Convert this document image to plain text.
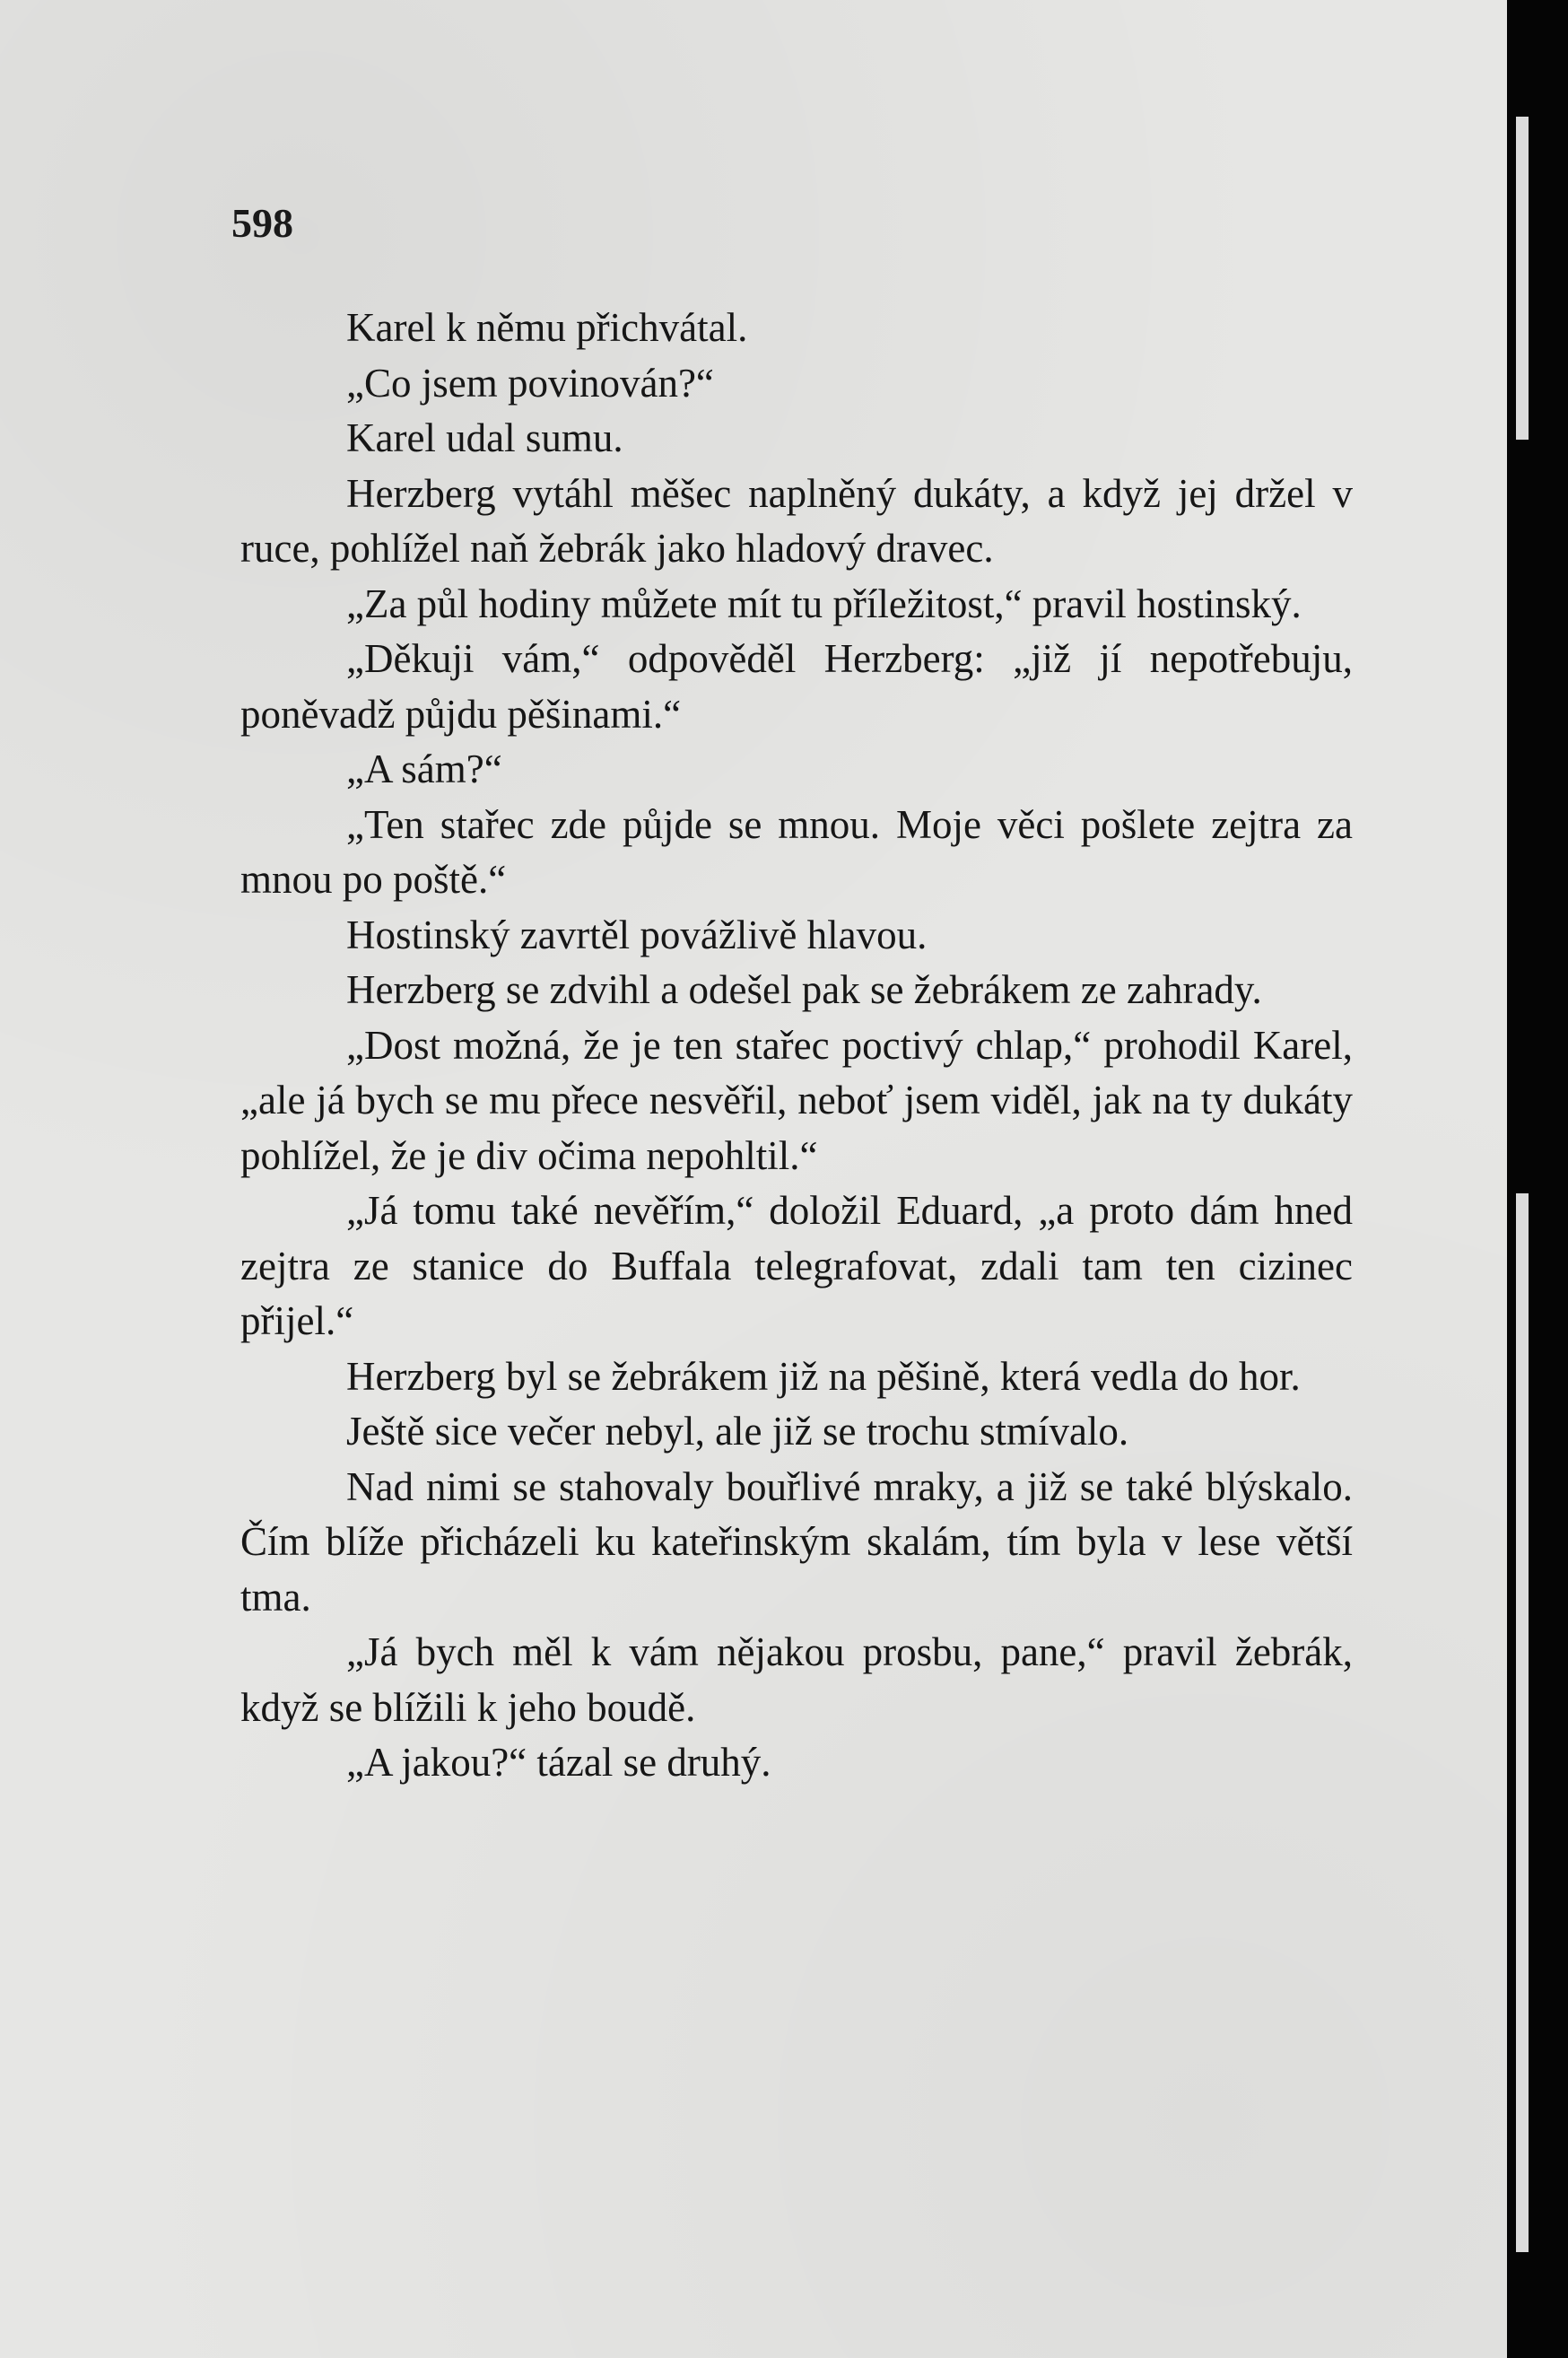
598

Karel k němu přichvátal.

„Co jsem povinován?“

Karel udal sumu.

Herzberg vytáhl měšec naplněný dukáty, a když jej držel v ruce, pohlížel naň žebrák jako hladový dravec.

„Za půl hodiny můžete mít tu příležitost,“ pravil hostinský.

„Děkuji vám,“ odpověděl Herzberg: „již jí nepotřebuju, poněvadž půjdu pěšinami.“

„A sám?“

„Ten stařec zde půjde se mnou. Moje věci pošlete zejtra za mnou po poště.“

Hostinský zavrtěl povážlivě hlavou.

Herzberg se zdvihl a odešel pak se žebrákem ze zahrady.

„Dost možná, že je ten stařec poctivý chlap,“ prohodil Karel, „ale já bych se mu přece nesvěřil, neboť jsem viděl, jak na ty dukáty pohlížel, že je div očima nepohltil.“

„Já tomu také nevěřím,“ doložil Eduard, „a proto dám hned zejtra ze stanice do Buffala telegrafovat, zdali tam ten cizinec přijel.“

Herzberg byl se žebrákem již na pěšině, která vedla do hor.

Ještě sice večer nebyl, ale již se trochu stmívalo.

Nad nimi se stahovaly bouřlivé mraky, a již se také blýskalo. Čím blíže přicházeli ku kateřinským skalám, tím byla v lese větší tma.

„Já bych měl k vám nějakou prosbu, pane,“ pravil žebrák, když se blížili k jeho boudě.

„A jakou?“ tázal se druhý.
